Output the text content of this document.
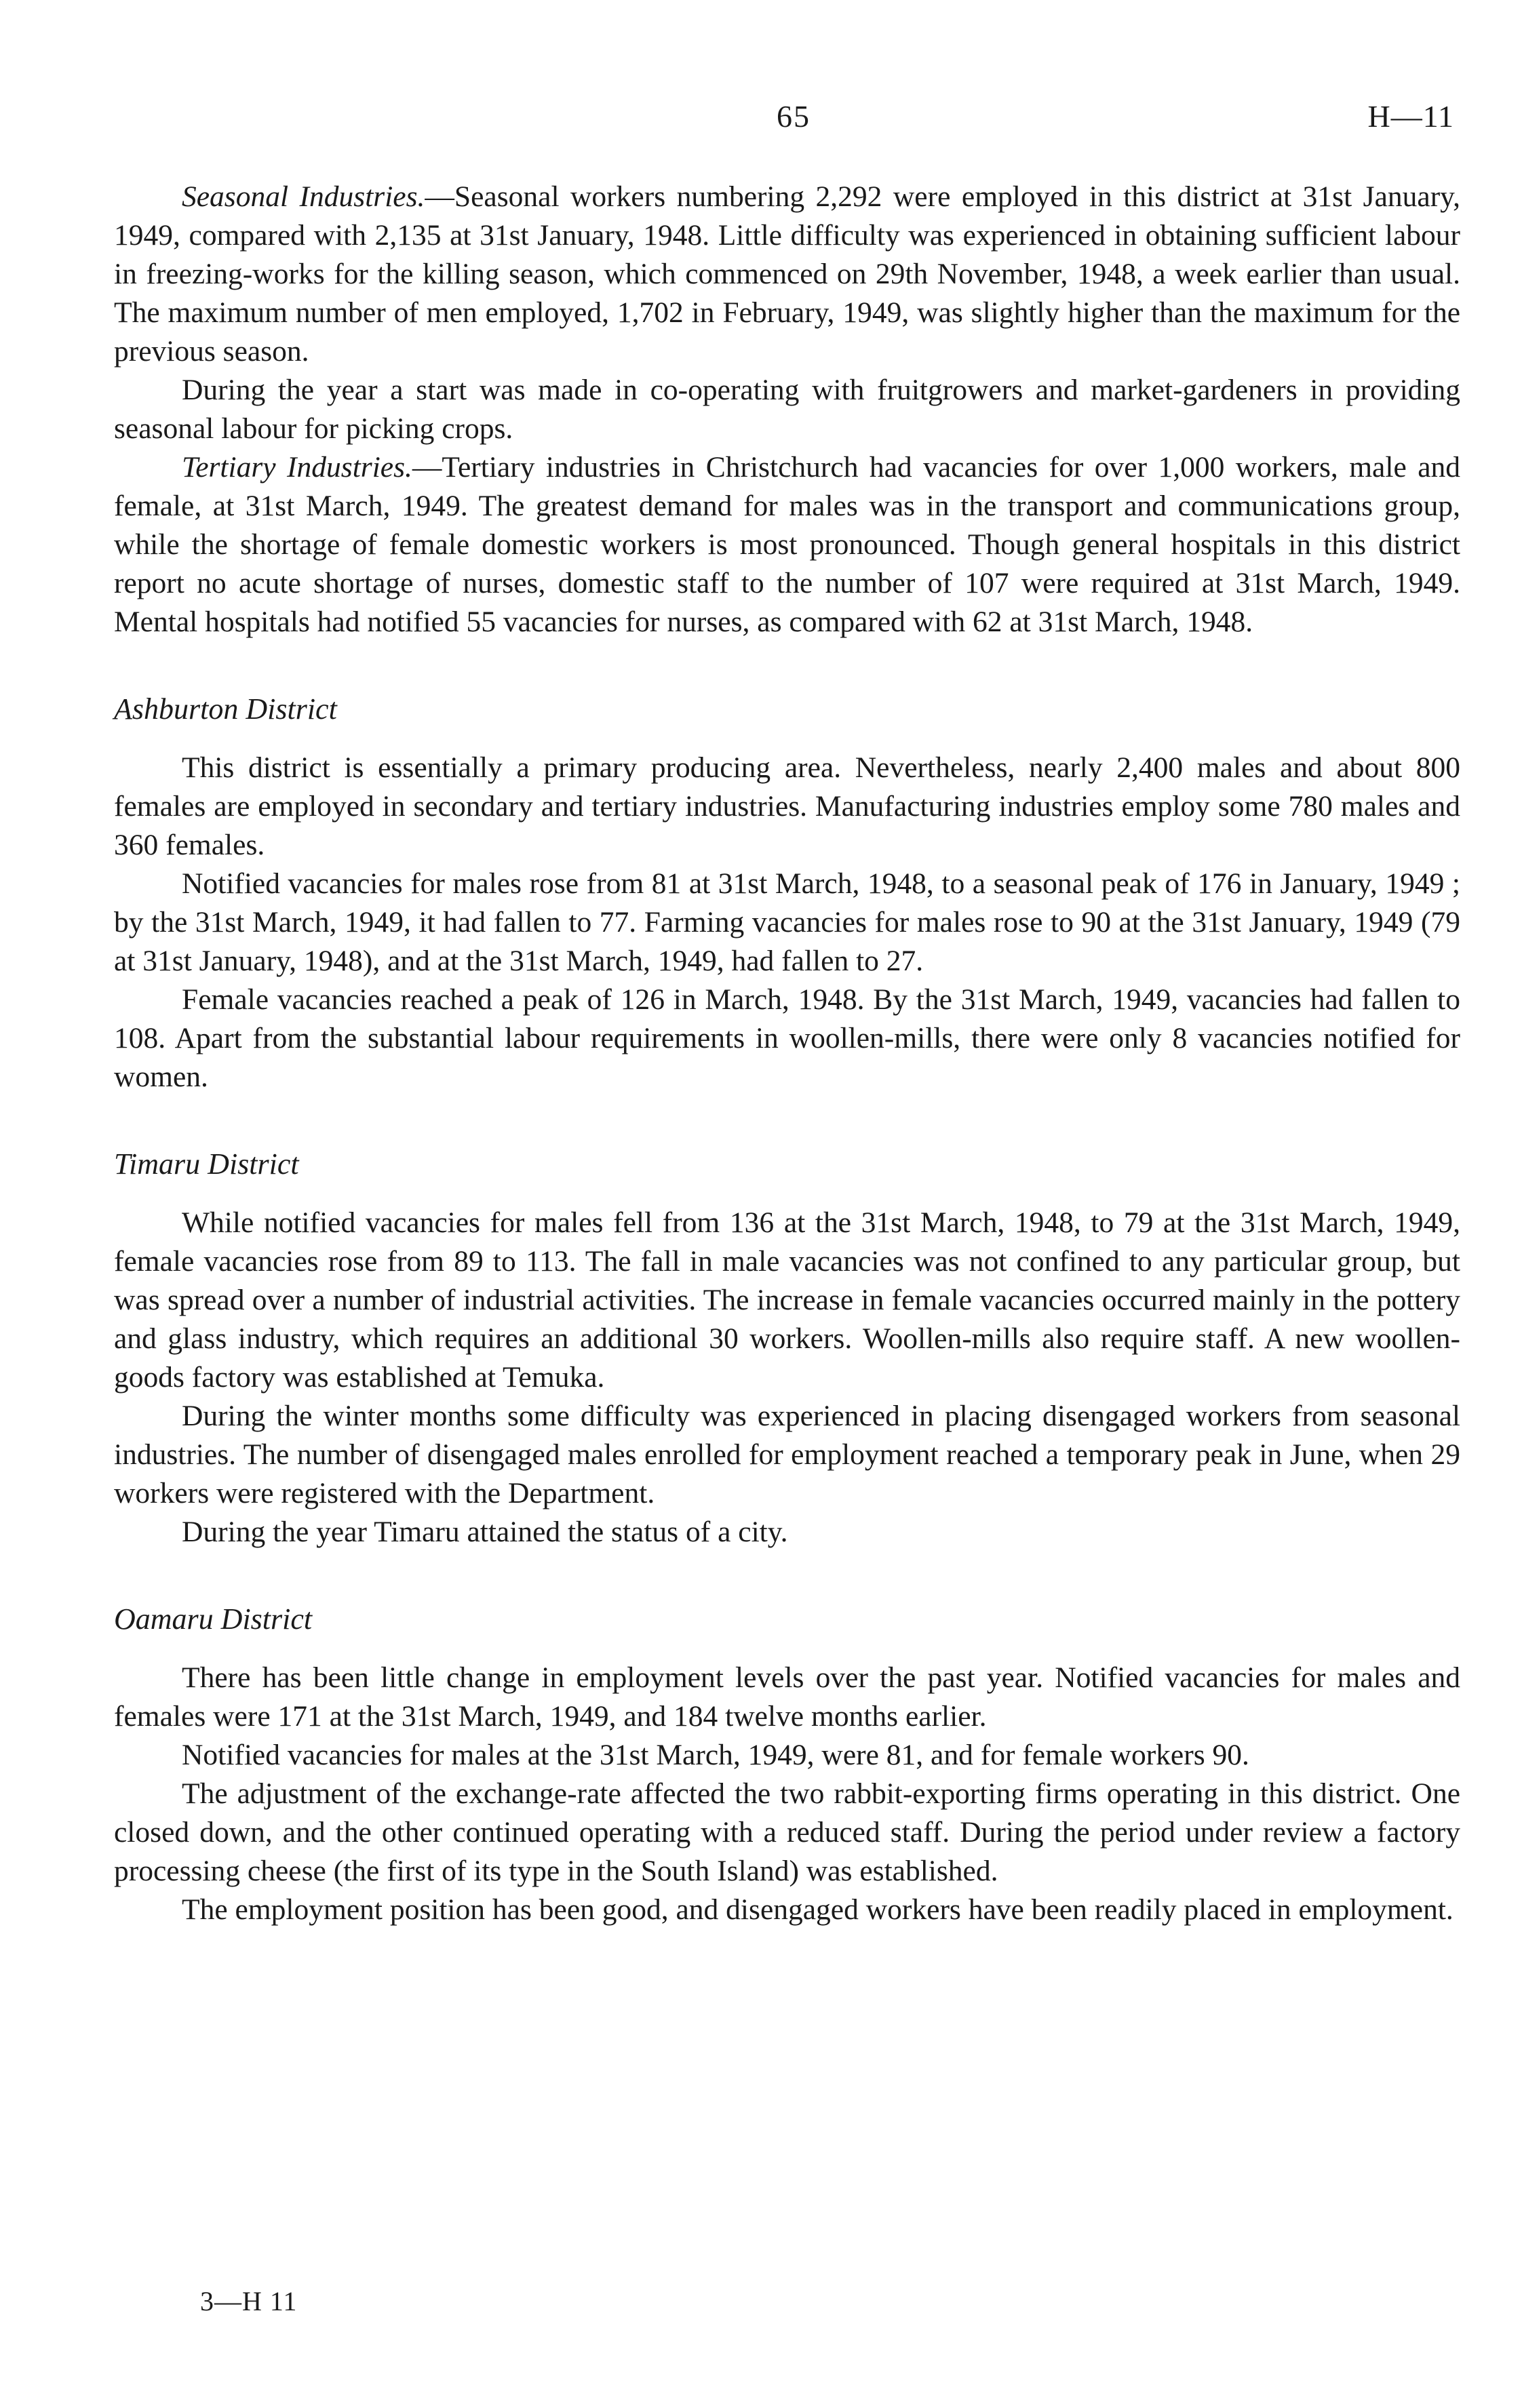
65	H—11

Seasonal Industries.—Seasonal workers numbering 2,292 were employed in this district at 31st January, 1949, compared with 2,135 at 31st January, 1948. Little difficulty was experienced in obtaining sufficient labour in freezing-works for the killing season, which commenced on 29th November, 1948, a week earlier than usual. The maximum number of men employed, 1,702 in February, 1949, was slightly higher than the maximum for the previous season.

During the year a start was made in co-operating with fruitgrowers and market-gardeners in providing seasonal labour for picking crops.

Tertiary Industries.—Tertiary industries in Christchurch had vacancies for over 1,000 workers, male and female, at 31st March, 1949. The greatest demand for males was in the transport and communications group, while the shortage of female domestic workers is most pronounced. Though general hospitals in this district report no acute shortage of nurses, domestic staff to the number of 107 were required at 31st March, 1949. Mental hospitals had notified 55 vacancies for nurses, as compared with 62 at 31st March, 1948.

Ashburton District

This district is essentially a primary producing area. Nevertheless, nearly 2,400 males and about 800 females are employed in secondary and tertiary industries. Manufacturing industries employ some 780 males and 360 females.

Notified vacancies for males rose from 81 at 31st March, 1948, to a seasonal peak of 176 in January, 1949 ; by the 31st March, 1949, it had fallen to 77. Farming vacancies for males rose to 90 at the 31st January, 1949 (79 at 31st January, 1948), and at the 31st March, 1949, had fallen to 27.

Female vacancies reached a peak of 126 in March, 1948. By the 31st March, 1949, vacancies had fallen to 108. Apart from the substantial labour requirements in woollen-mills, there were only 8 vacancies notified for women.

Timaru District

While notified vacancies for males fell from 136 at the 31st March, 1948, to 79 at the 31st March, 1949, female vacancies rose from 89 to 113. The fall in male vacancies was not confined to any particular group, but was spread over a number of industrial activities. The increase in female vacancies occurred mainly in the pottery and glass industry, which requires an additional 30 workers. Woollen-mills also require staff. A new woollen-goods factory was established at Temuka.

During the winter months some difficulty was experienced in placing disengaged workers from seasonal industries. The number of disengaged males enrolled for employment reached a temporary peak in June, when 29 workers were registered with the Department.

During the year Timaru attained the status of a city.

Oamaru District

There has been little change in employment levels over the past year. Notified vacancies for males and females were 171 at the 31st March, 1949, and 184 twelve months earlier.

Notified vacancies for males at the 31st March, 1949, were 81, and for female workers 90.

The adjustment of the exchange-rate affected the two rabbit-exporting firms operating in this district. One closed down, and the other continued operating with a reduced staff. During the period under review a factory processing cheese (the first of its type in the South Island) was established.

The employment position has been good, and disengaged workers have been readily placed in employment.

3—H 11
